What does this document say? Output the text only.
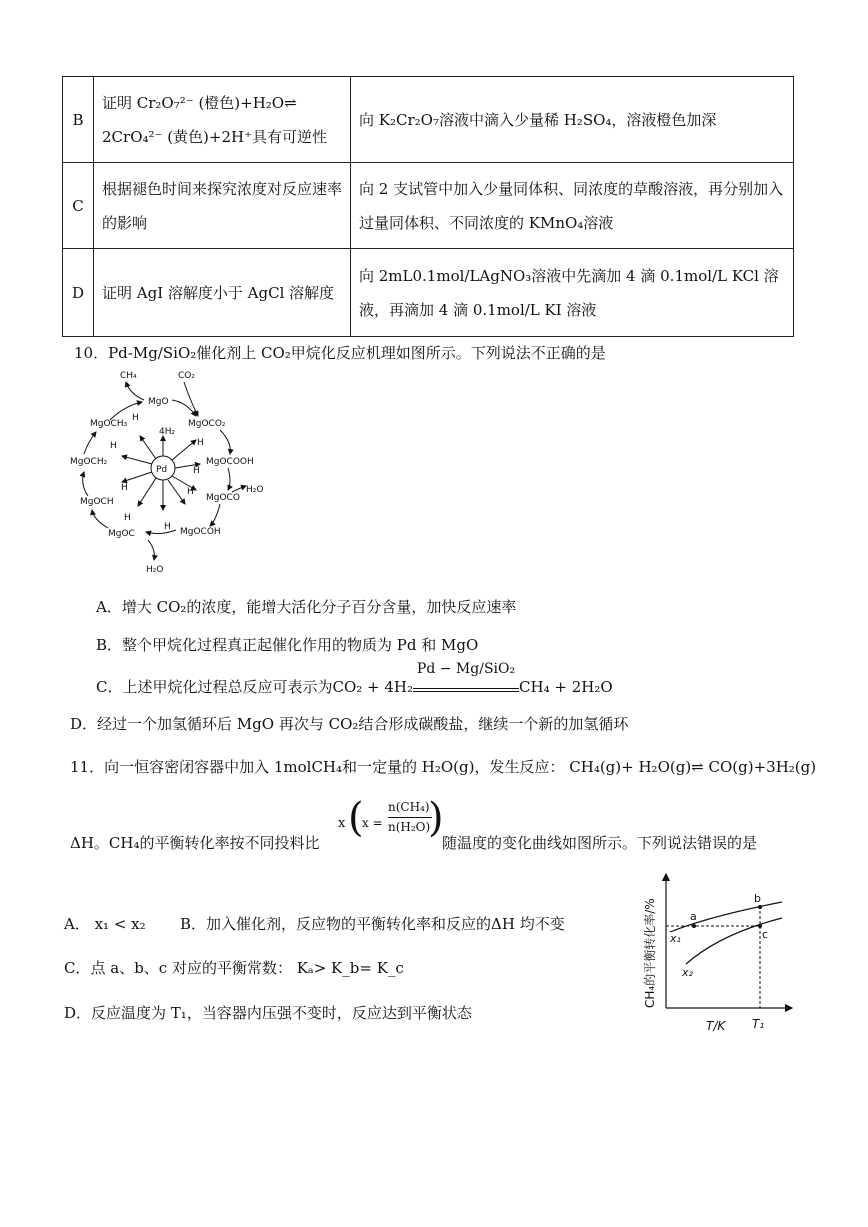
B	证明 Cr₂O₇²⁻ (橙色)+H₂O⇌ 2CrO₄²⁻ (黄色)+2H⁺具有可逆性	向 K₂Cr₂O₇溶液中滴入少量稀 H₂SO₄，溶液橙色加深
C	根据褪色时间来探究浓度对反应速率的影响	向 2 支试管中加入少量同体积、同浓度的草酸溶液，再分别加入过量同体积、不同浓度的 KMnO₄溶液
D	证明 AgI 溶解度小于 AgCl 溶解度	向 2mL0.1mol/LAgNO₃溶液中先滴加 4 滴 0.1mol/L KCl 溶液，再滴加 4 滴 0.1mol/L KI 溶液
10．Pd-Mg/SiO₂催化剂上 CO₂甲烷化反应机理如图所示。下列说法不正确的是
Pd
4H₂
H
H
H
H
H
H
H
H
CH₄	CO₂
MgO
MgOCO₂
MgOCOOH
MgOCO
H₂O
MgOCOH
MgOC
H₂O
MgOCH
MgOCH₂
MgOCH₃
A．增大 CO₂的浓度，能增大活化分子百分含量，加快反应速率
B．整个甲烷化过程真正起催化作用的物质为 Pd 和 MgO
C．上述甲烷化过程总反应可表示为CO₂ + 4H₂
Pd − Mg/SiO₂
CH₄ + 2H₂O
D．经过一个加氢循环后 MgO 再次与 CO₂结合形成碳酸盐，继续一个新的加氢循环
11．向一恒容密闭容器中加入 1molCH₄和一定量的 H₂O(g)，发生反应： CH₄(g)+ H₂O(g)⇌ CO(g)+3H₂(g)
ΔH。CH₄的平衡转化率按不同投料比
x (
x =
n(CH₄)
n(H₂O)
)
随温度的变化曲线如图所示。下列说法错误的是
A． x₁ < x₂ B．加入催化剂，反应物的平衡转化率和反应的ΔH 均不变
C．点 a、b、c 对应的平衡常数： Kₐ> K_b= K_c
D．反应温度为 T₁，当容器内压强不变时，反应达到平衡状态
CH₄的平衡转化率/%
T/K T₁
a
b
c
x₁
x₂
